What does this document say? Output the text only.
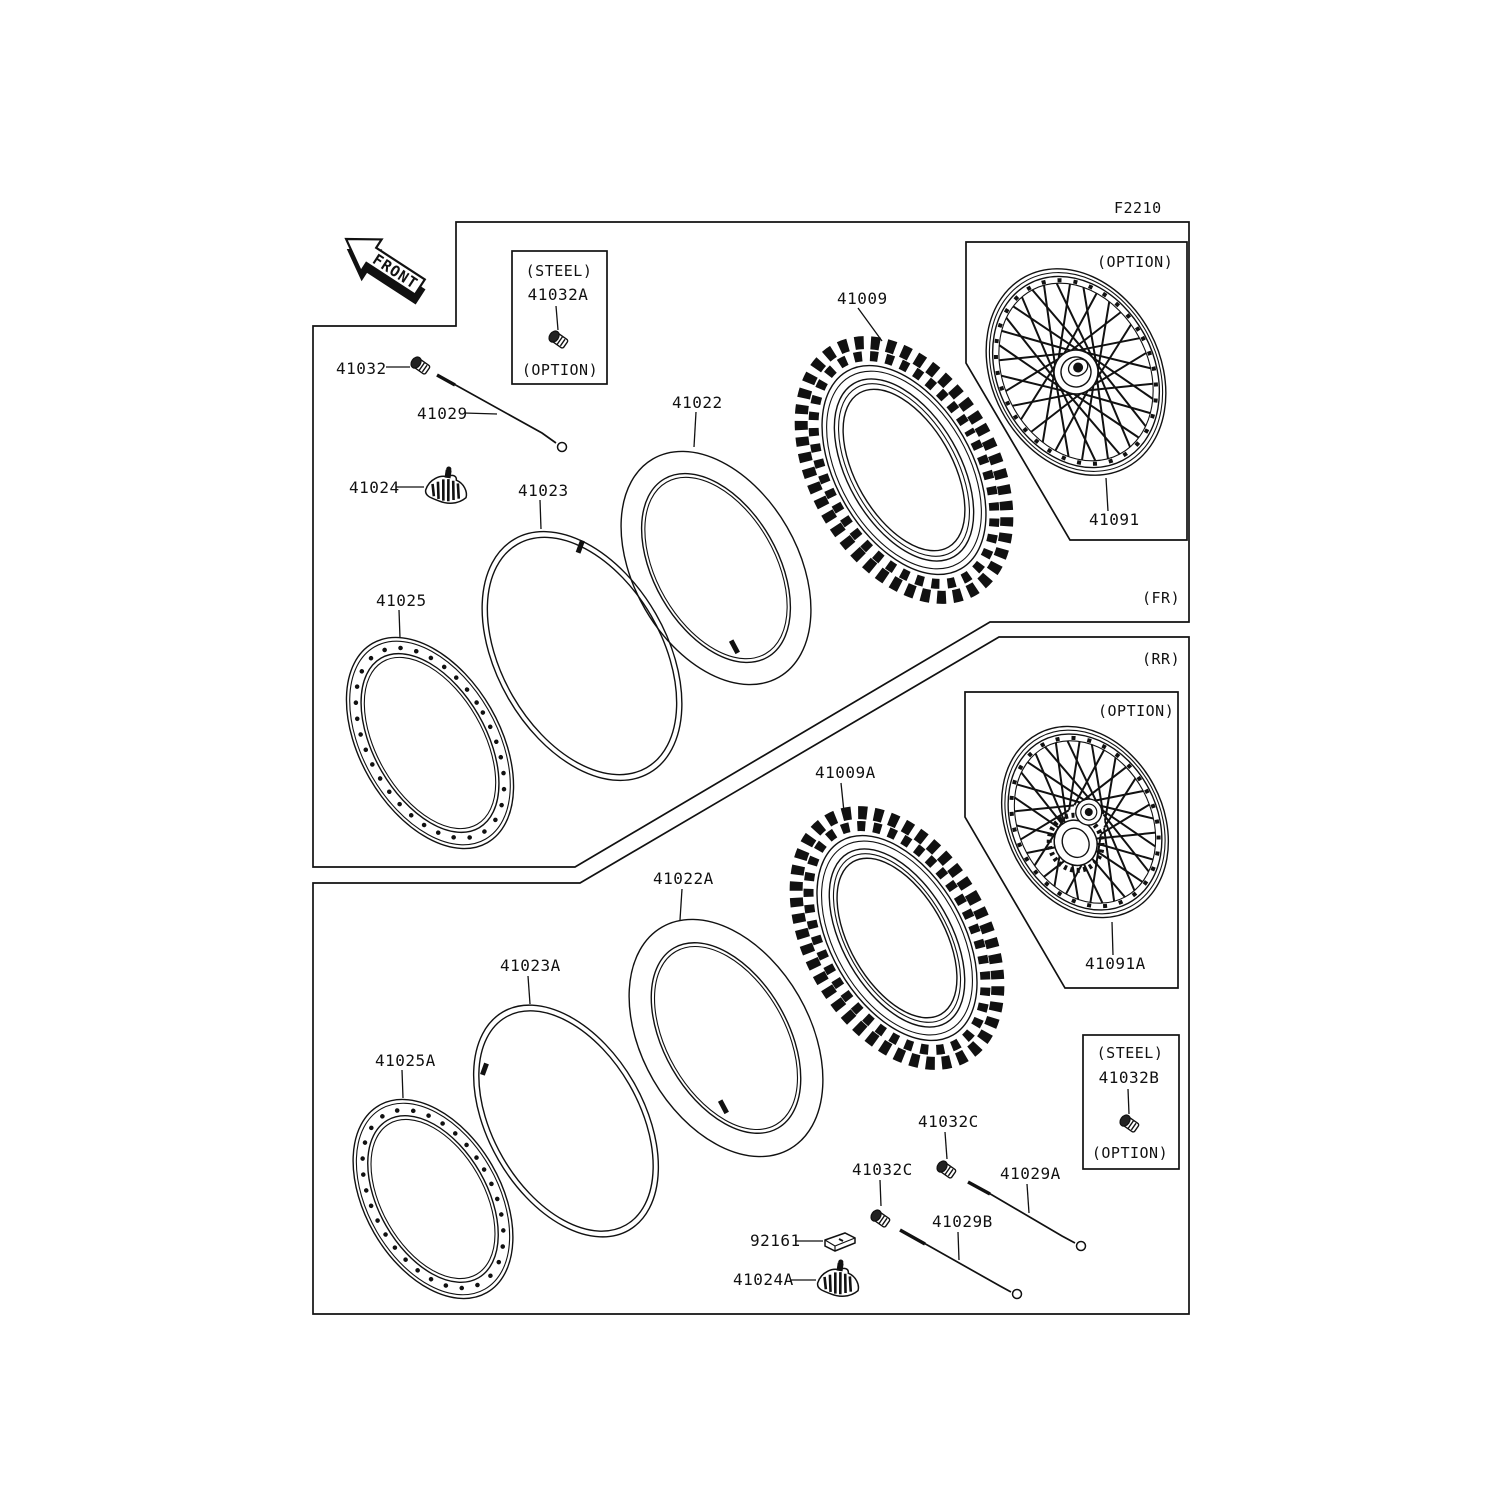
F2210
FRONT
(FR)
(RR)
(STEEL)
41032A
(OPTION)
(STEEL)
41032B
(OPTION)
(OPTION)
(OPTION)
41032
41029
41024	41023
41025
41022
41009
41091
41009A
41022A
41023A
41025A
41091A
41032C
41032C	41029A
41029B
92161
41024A
